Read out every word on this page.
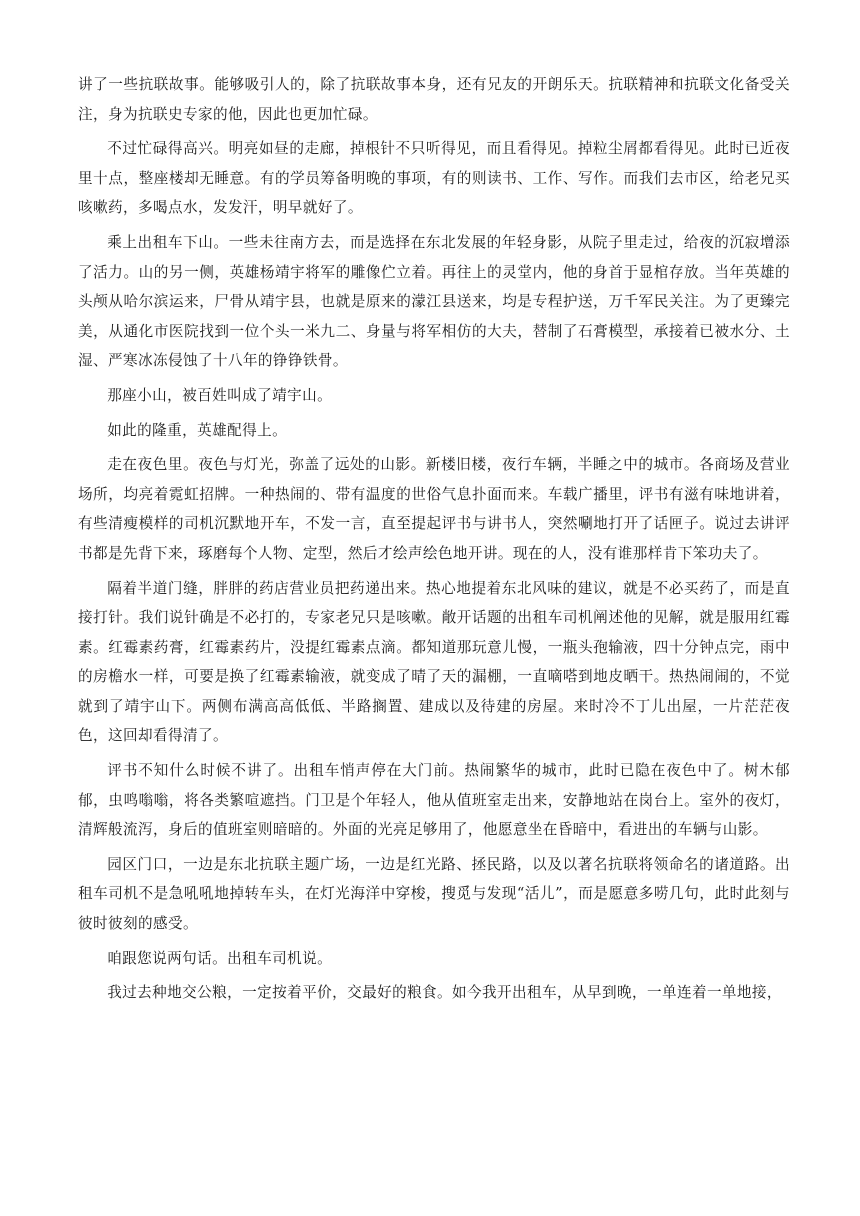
讲了一些抗联故事。能够吸引人的，除了抗联故事本身，还有兄友的开朗乐天。抗联精神和抗联文化备受关注，身为抗联史专家的他，因此也更加忙碌。

不过忙碌得高兴。明亮如昼的走廊，掉根针不只听得见，而且看得见。掉粒尘屑都看得见。此时已近夜里十点，整座楼却无睡意。有的学员筹备明晚的事项，有的则读书、工作、写作。而我们去市区，给老兄买咳嗽药，多喝点水，发发汗，明早就好了。

乘上出租车下山。一些未往南方去，而是选择在东北发展的年轻身影，从院子里走过，给夜的沉寂增添了活力。山的另一侧，英雄杨靖宇将军的雕像伫立着。再往上的灵堂内，他的身首于显棺存放。当年英雄的头颅从哈尔滨运来，尸骨从靖宇县，也就是原来的濛江县送来，均是专程护送，万千军民关注。为了更臻完美，从通化市医院找到一位个头一米九二、身量与将军相仿的大夫，替制了石膏模型，承接着已被水分、土湿、严寒冰冻侵蚀了十八年的铮铮铁骨。

那座小山，被百姓叫成了靖宇山。

如此的隆重，英雄配得上。

走在夜色里。夜色与灯光，弥盖了远处的山影。新楼旧楼，夜行车辆，半睡之中的城市。各商场及营业场所，均亮着霓虹招牌。一种热闹的、带有温度的世俗气息扑面而来。车载广播里，评书有滋有味地讲着，有些清瘦模样的司机沉默地开车，不发一言，直至提起评书与讲书人，突然唰地打开了话匣子。说过去讲评书都是先背下来，琢磨每个人物、定型，然后才绘声绘色地开讲。现在的人，没有谁那样肯下笨功夫了。

隔着半道门缝，胖胖的药店营业员把药递出来。热心地提着东北风味的建议，就是不必买药了，而是直接打针。我们说针确是不必打的，专家老兄只是咳嗽。敞开话题的出租车司机阐述他的见解，就是服用红霉素。红霉素药膏，红霉素药片，没提红霉素点滴。都知道那玩意儿慢，一瓶头孢输液，四十分钟点完，雨中的房檐水一样，可要是换了红霉素输液，就变成了晴了天的漏棚，一直嘀嗒到地皮晒干。热热闹闹的，不觉就到了靖宇山下。两侧布满高高低低、半路搁置、建成以及待建的房屋。来时冷不丁儿出屋，一片茫茫夜色，这回却看得清了。

评书不知什么时候不讲了。出租车悄声停在大门前。热闹繁华的城市，此时已隐在夜色中了。树木郁郁，虫鸣嗡嗡，将各类繁喧遮挡。门卫是个年轻人，他从值班室走出来，安静地站在岗台上。室外的夜灯，清辉般流泻，身后的值班室则暗暗的。外面的光亮足够用了，他愿意坐在昏暗中，看进出的车辆与山影。

园区门口，一边是东北抗联主题广场，一边是红光路、拯民路，以及以著名抗联将领命名的诸道路。出租车司机不是急吼吼地掉转车头，在灯光海洋中穿梭，搜觅与发现“活儿”，而是愿意多唠几句，此时此刻与彼时彼刻的感受。

咱跟您说两句话。出租车司机说。

我过去种地交公粮，一定按着平价，交最好的粮食。如今我开出租车，从早到晚，一单连着一单地接，
